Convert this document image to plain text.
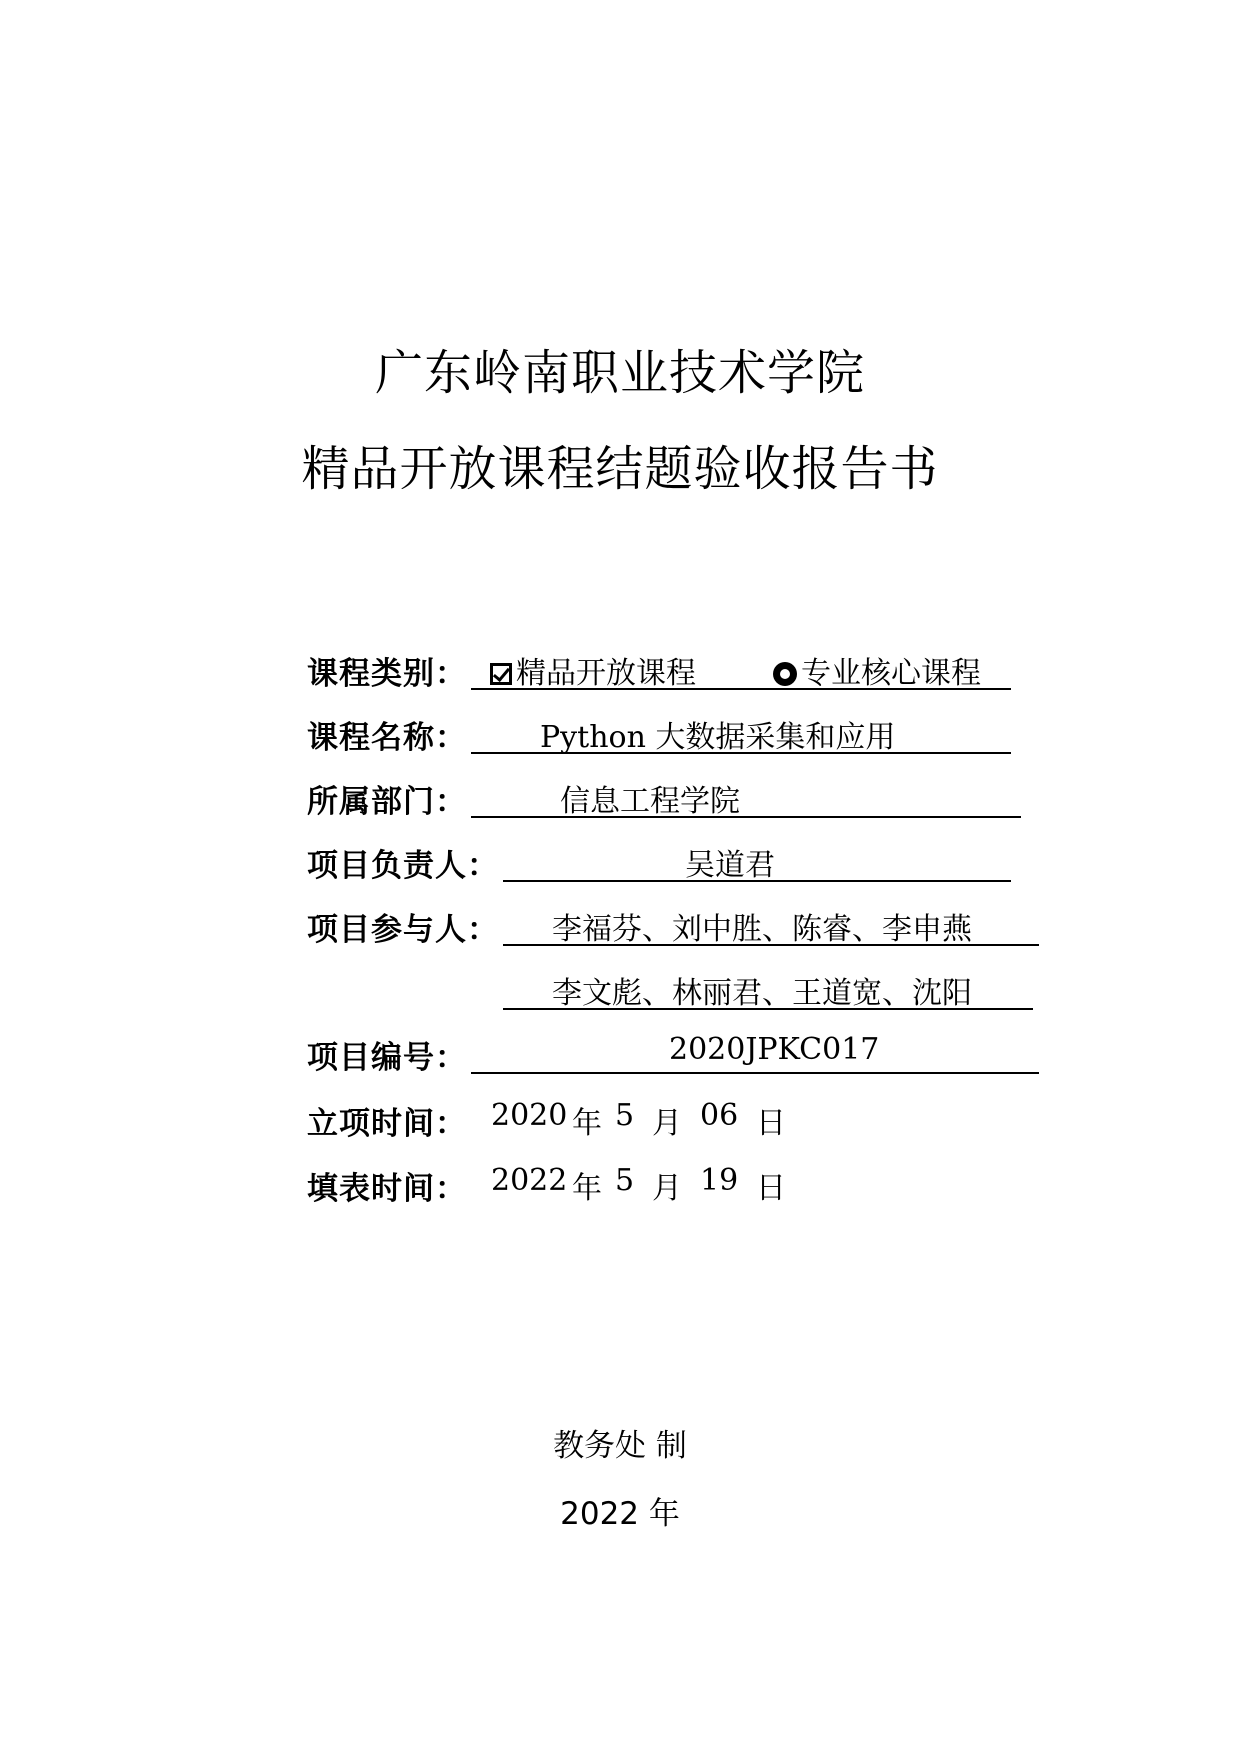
广东岭南职业技术学院
精品开放课程结题验收报告书
课程类别：	精品开放课程	专业核心课程
课程名称： Python 大数据采集和应用
所属部门：	信息工程学院
项目负责人：	吴道君
项目参与人： 李福芬、刘中胜、陈睿、李申燕
李文彪、林丽君、王道宽、沈阳
项目编号：	2020JPKC017
立项时间： 2020 年 5 月 06 日
填表时间： 2022 年 5 月 19 日
教务处 制
2022 年
